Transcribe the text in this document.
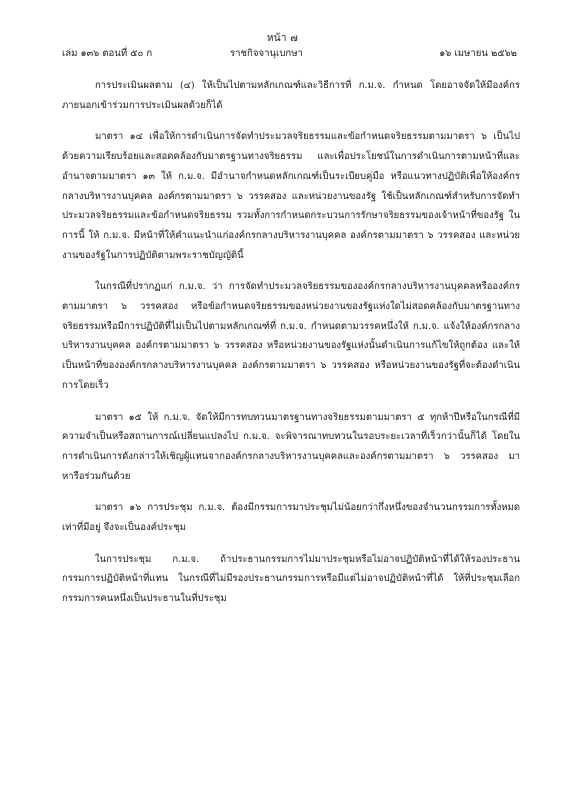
หน้า ๗
เล่ม ๑๓๖ ตอนที่ ๕๐ ก	ราชกิจจานุเบกษา	๑๖ เมษายน ๒๕๖๒

การประเมินผลตาม (๔) ให้เป็นไปตามหลักเกณฑ์และวิธีการที่ ก.ม.จ. กำหนด โดยอาจจัดให้มีองค์กรภายนอกเข้าร่วมการประเมินผลด้วยก็ได้

มาตรา ๑๔ เพื่อให้การดำเนินการจัดทำประมวลจริยธรรมและข้อกำหนดจริยธรรมตามมาตรา ๖ เป็นไปด้วยความเรียบร้อยและสอดคล้องกับมาตรฐานทางจริยธรรม และเพื่อประโยชน์ในการดำเนินการตามหน้าที่และอำนาจตามมาตรา ๑๓ ให้ ก.ม.จ. มีอำนาจกำหนดหลักเกณฑ์เป็นระเบียบคู่มือ หรือแนวทางปฏิบัติเพื่อให้องค์กรกลางบริหารงานบุคคล องค์กรตามมาตรา ๖ วรรคสอง และหน่วยงานของรัฐ ใช้เป็นหลักเกณฑ์สำหรับการจัดทำประมวลจริยธรรมและข้อกำหนดจริยธรรม รวมทั้งการกำหนดกระบวนการรักษาจริยธรรมของเจ้าหน้าที่ของรัฐ ในการนี้ ให้ ก.ม.จ. มีหน้าที่ให้คำแนะนำแก่องค์กรกลางบริหารงานบุคคล องค์กรตามมาตรา ๖ วรรคสอง และหน่วยงานของรัฐในการปฏิบัติตามพระราชบัญญัตินี้

ในกรณีที่ปรากฏแก่ ก.ม.จ. ว่า การจัดทำประมวลจริยธรรมขององค์กรกลางบริหารงานบุคคลหรือองค์กรตามมาตรา ๖ วรรคสอง หรือข้อกำหนดจริยธรรมของหน่วยงานของรัฐแห่งใดไม่สอดคล้องกับมาตรฐานทางจริยธรรมหรือมีการปฏิบัติที่ไม่เป็นไปตามหลักเกณฑ์ที่ ก.ม.จ. กำหนดตามวรรคหนึ่งให้ ก.ม.จ. แจ้งให้องค์กรกลางบริหารงานบุคคล องค์กรตามมาตรา ๖ วรรคสอง หรือหน่วยงานของรัฐแห่งนั้นดำเนินการแก้ไขให้ถูกต้อง และให้เป็นหน้าที่ขององค์กรกลางบริหารงานบุคคล องค์กรตามมาตรา ๖ วรรคสอง หรือหน่วยงานของรัฐที่จะต้องดำเนินการโดยเร็ว

มาตรา ๑๕ ให้ ก.ม.จ. จัดให้มีการทบทวนมาตรฐานทางจริยธรรมตามมาตรา ๕ ทุกห้าปีหรือในกรณีที่มีความจำเป็นหรือสถานการณ์เปลี่ยนแปลงไป ก.ม.จ. จะพิจารณาทบทวนในรอบระยะเวลาที่เร็วกว่านั้นก็ได้ โดยในการดำเนินการดังกล่าวให้เชิญผู้แทนจากองค์กรกลางบริหารงานบุคคลและองค์กรตามมาตรา ๖ วรรคสอง มาหารือร่วมกันด้วย

มาตรา ๑๖ การประชุม ก.ม.จ. ต้องมีกรรมการมาประชุมไม่น้อยกว่ากึ่งหนึ่งของจำนวนกรรมการทั้งหมดเท่าที่มีอยู่ จึงจะเป็นองค์ประชุม

ในการประชุม ก.ม.จ. ถ้าประธานกรรมการไม่มาประชุมหรือไม่อาจปฏิบัติหน้าที่ได้ให้รองประธานกรรมการปฏิบัติหน้าที่แทน ในกรณีที่ไม่มีรองประธานกรรมการหรือมีแต่ไม่อาจปฏิบัติหน้าที่ได้ ให้ที่ประชุมเลือกกรรมการคนหนึ่งเป็นประธานในที่ประชุม
